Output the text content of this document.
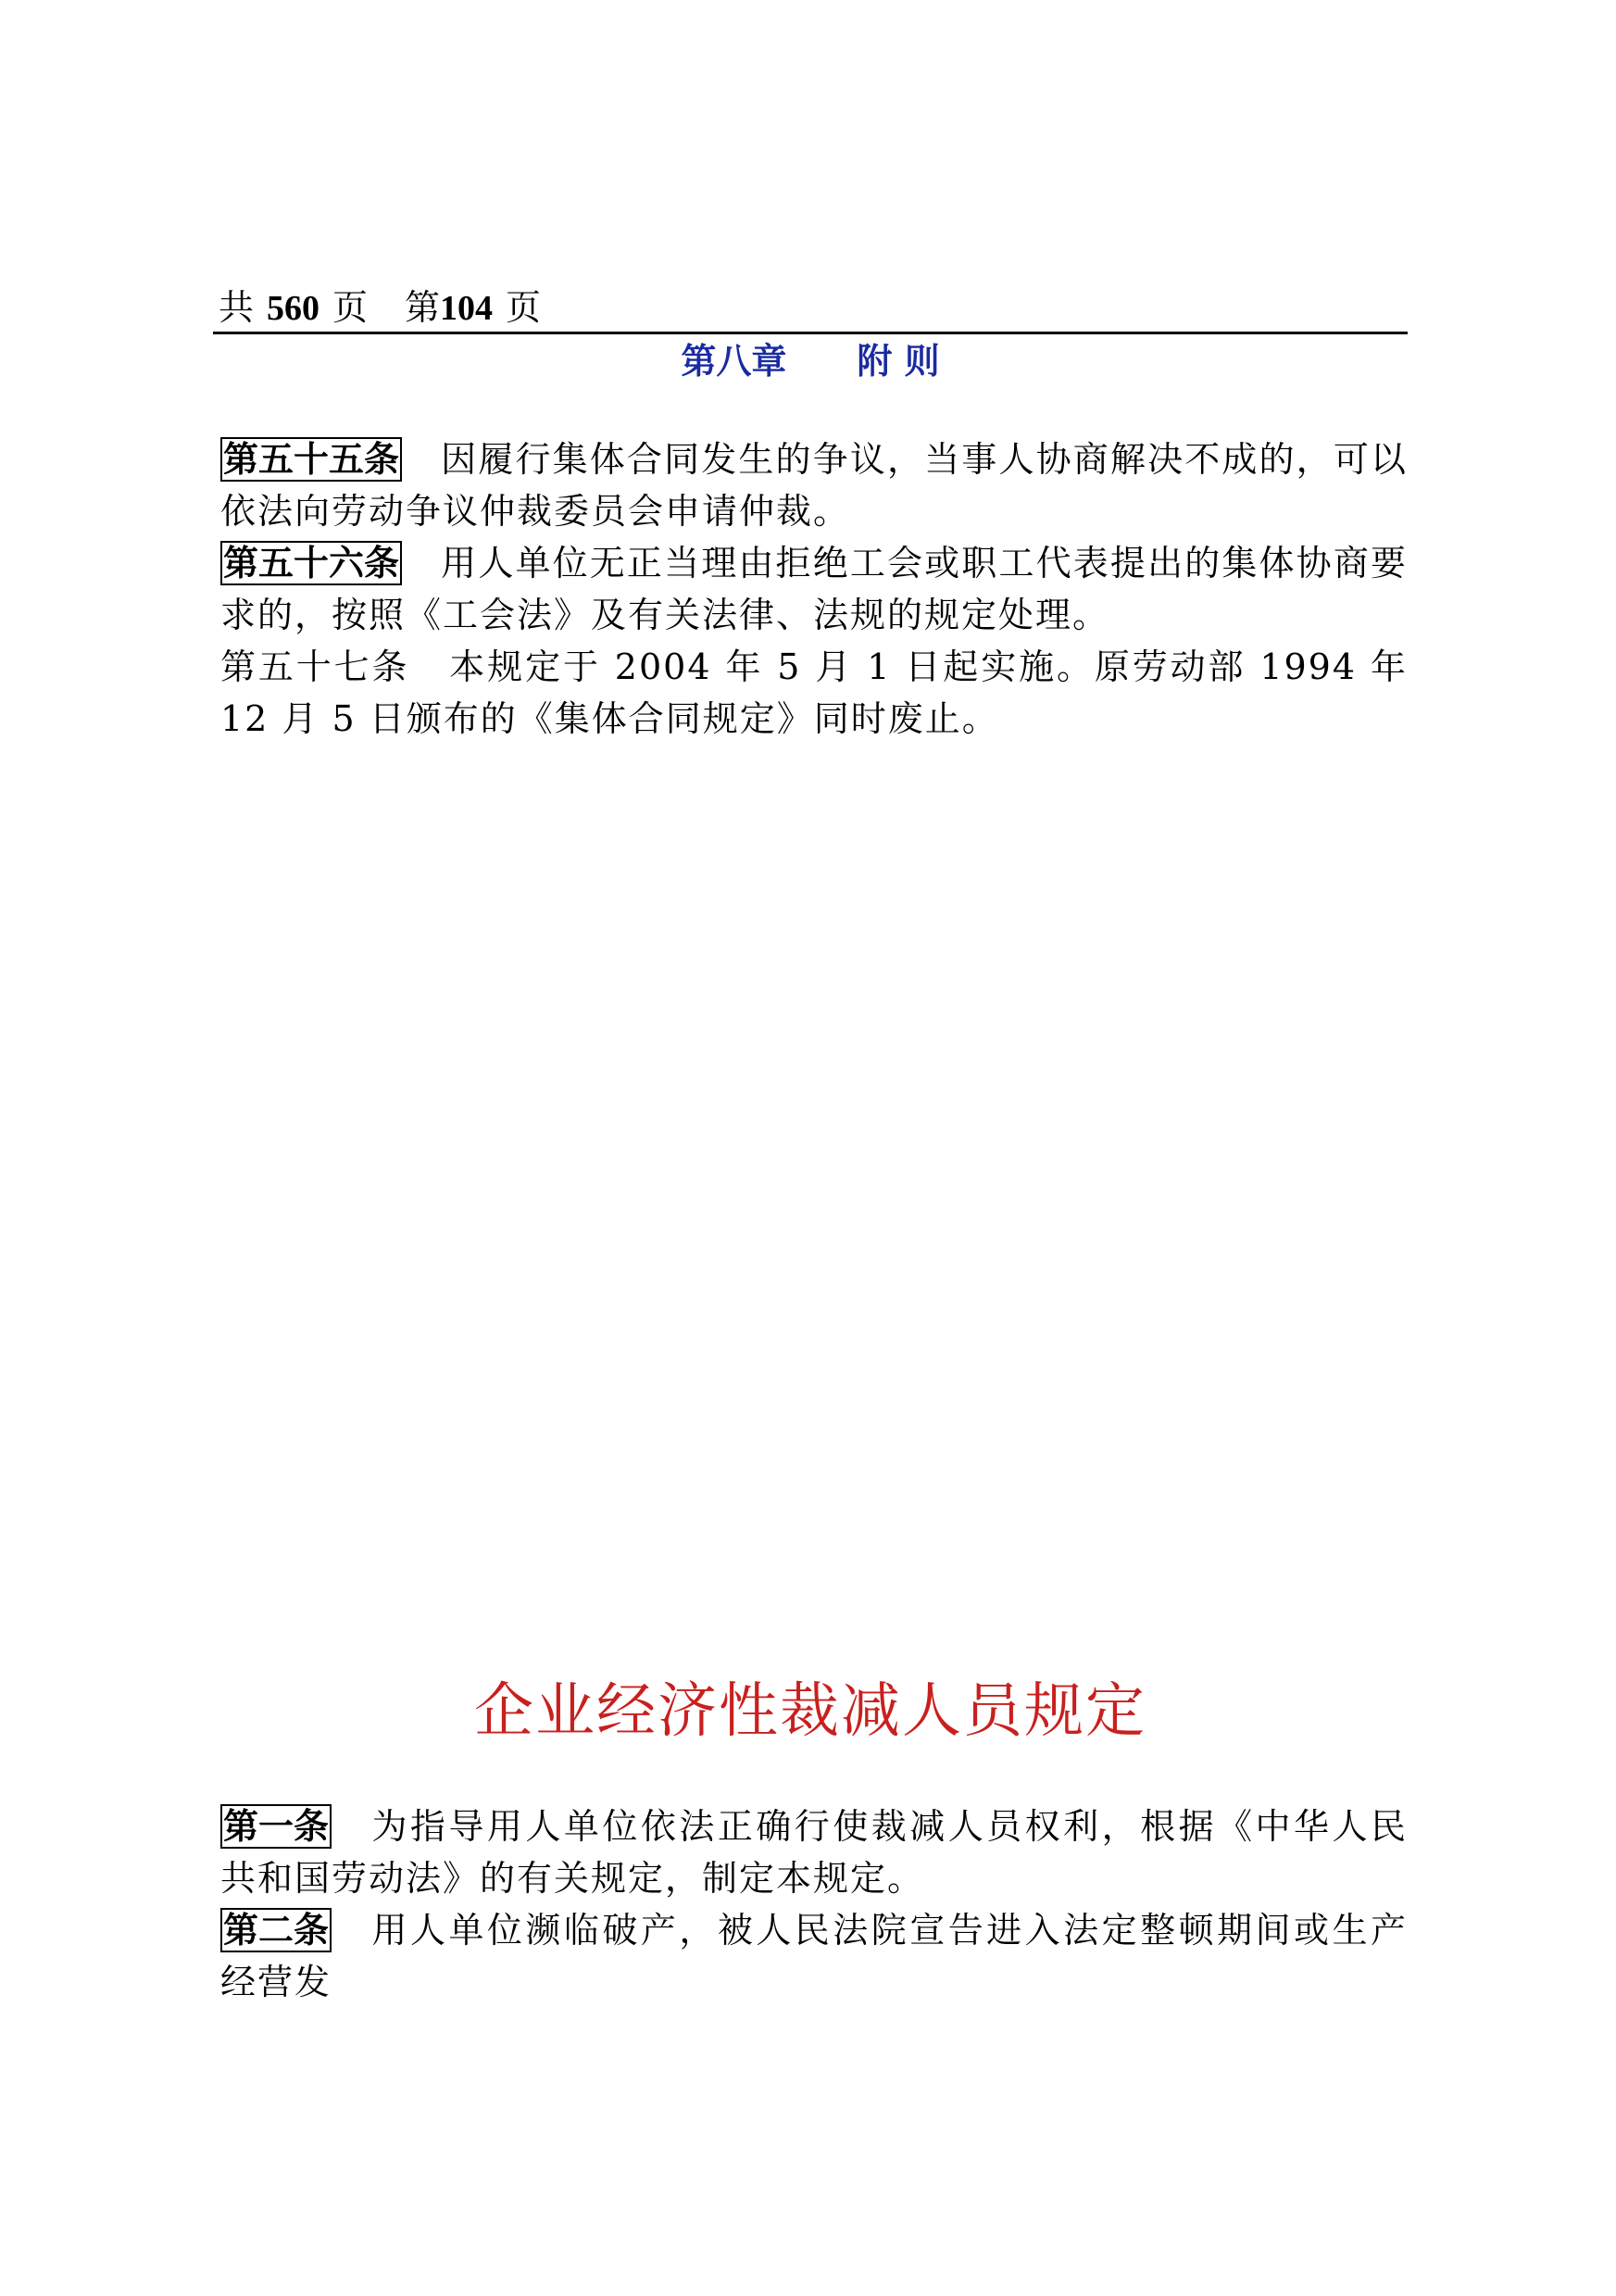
共 560 页 第104 页
第八章　　附 则
第五十五条 因履行集体合同发生的争议，当事人协商解决不成的，可以依法向劳动争议仲裁委员会申请仲裁。
第五十六条 用人单位无正当理由拒绝工会或职工代表提出的集体协商要求的，按照《工会法》及有关法律、法规的规定处理。
第五十七条 本规定于 2004 年 5 月 1 日起实施。原劳动部 1994 年 12 月 5 日颁布的《集体合同规定》同时废止。
企业经济性裁减人员规定
第一条 为指导用人单位依法正确行使裁减人员权利，根据《中华人民共和国劳动法》的有关规定，制定本规定。
第二条 用人单位濒临破产，被人民法院宣告进入法定整顿期间或生产经营发
